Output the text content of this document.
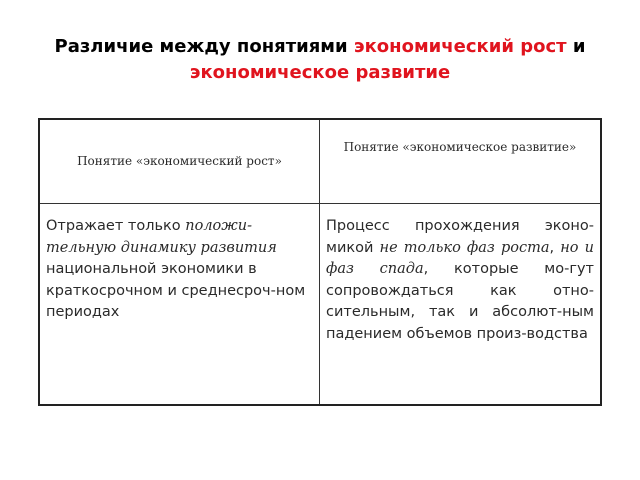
Различие между понятиями экономический рост и экономическое развитие
Понятие «экономический рост»
Понятие «экономическое развитие»
Отражает только положи-тельную динамику развития национальной экономики в краткосрочном и среднесроч-ном периодах
Процесс прохождения эконо-микой не только фаз роста, но и фаз спада, которые мо-гут сопровождаться как отно-сительным, так и абсолют-ным падением объемов произ-водства
